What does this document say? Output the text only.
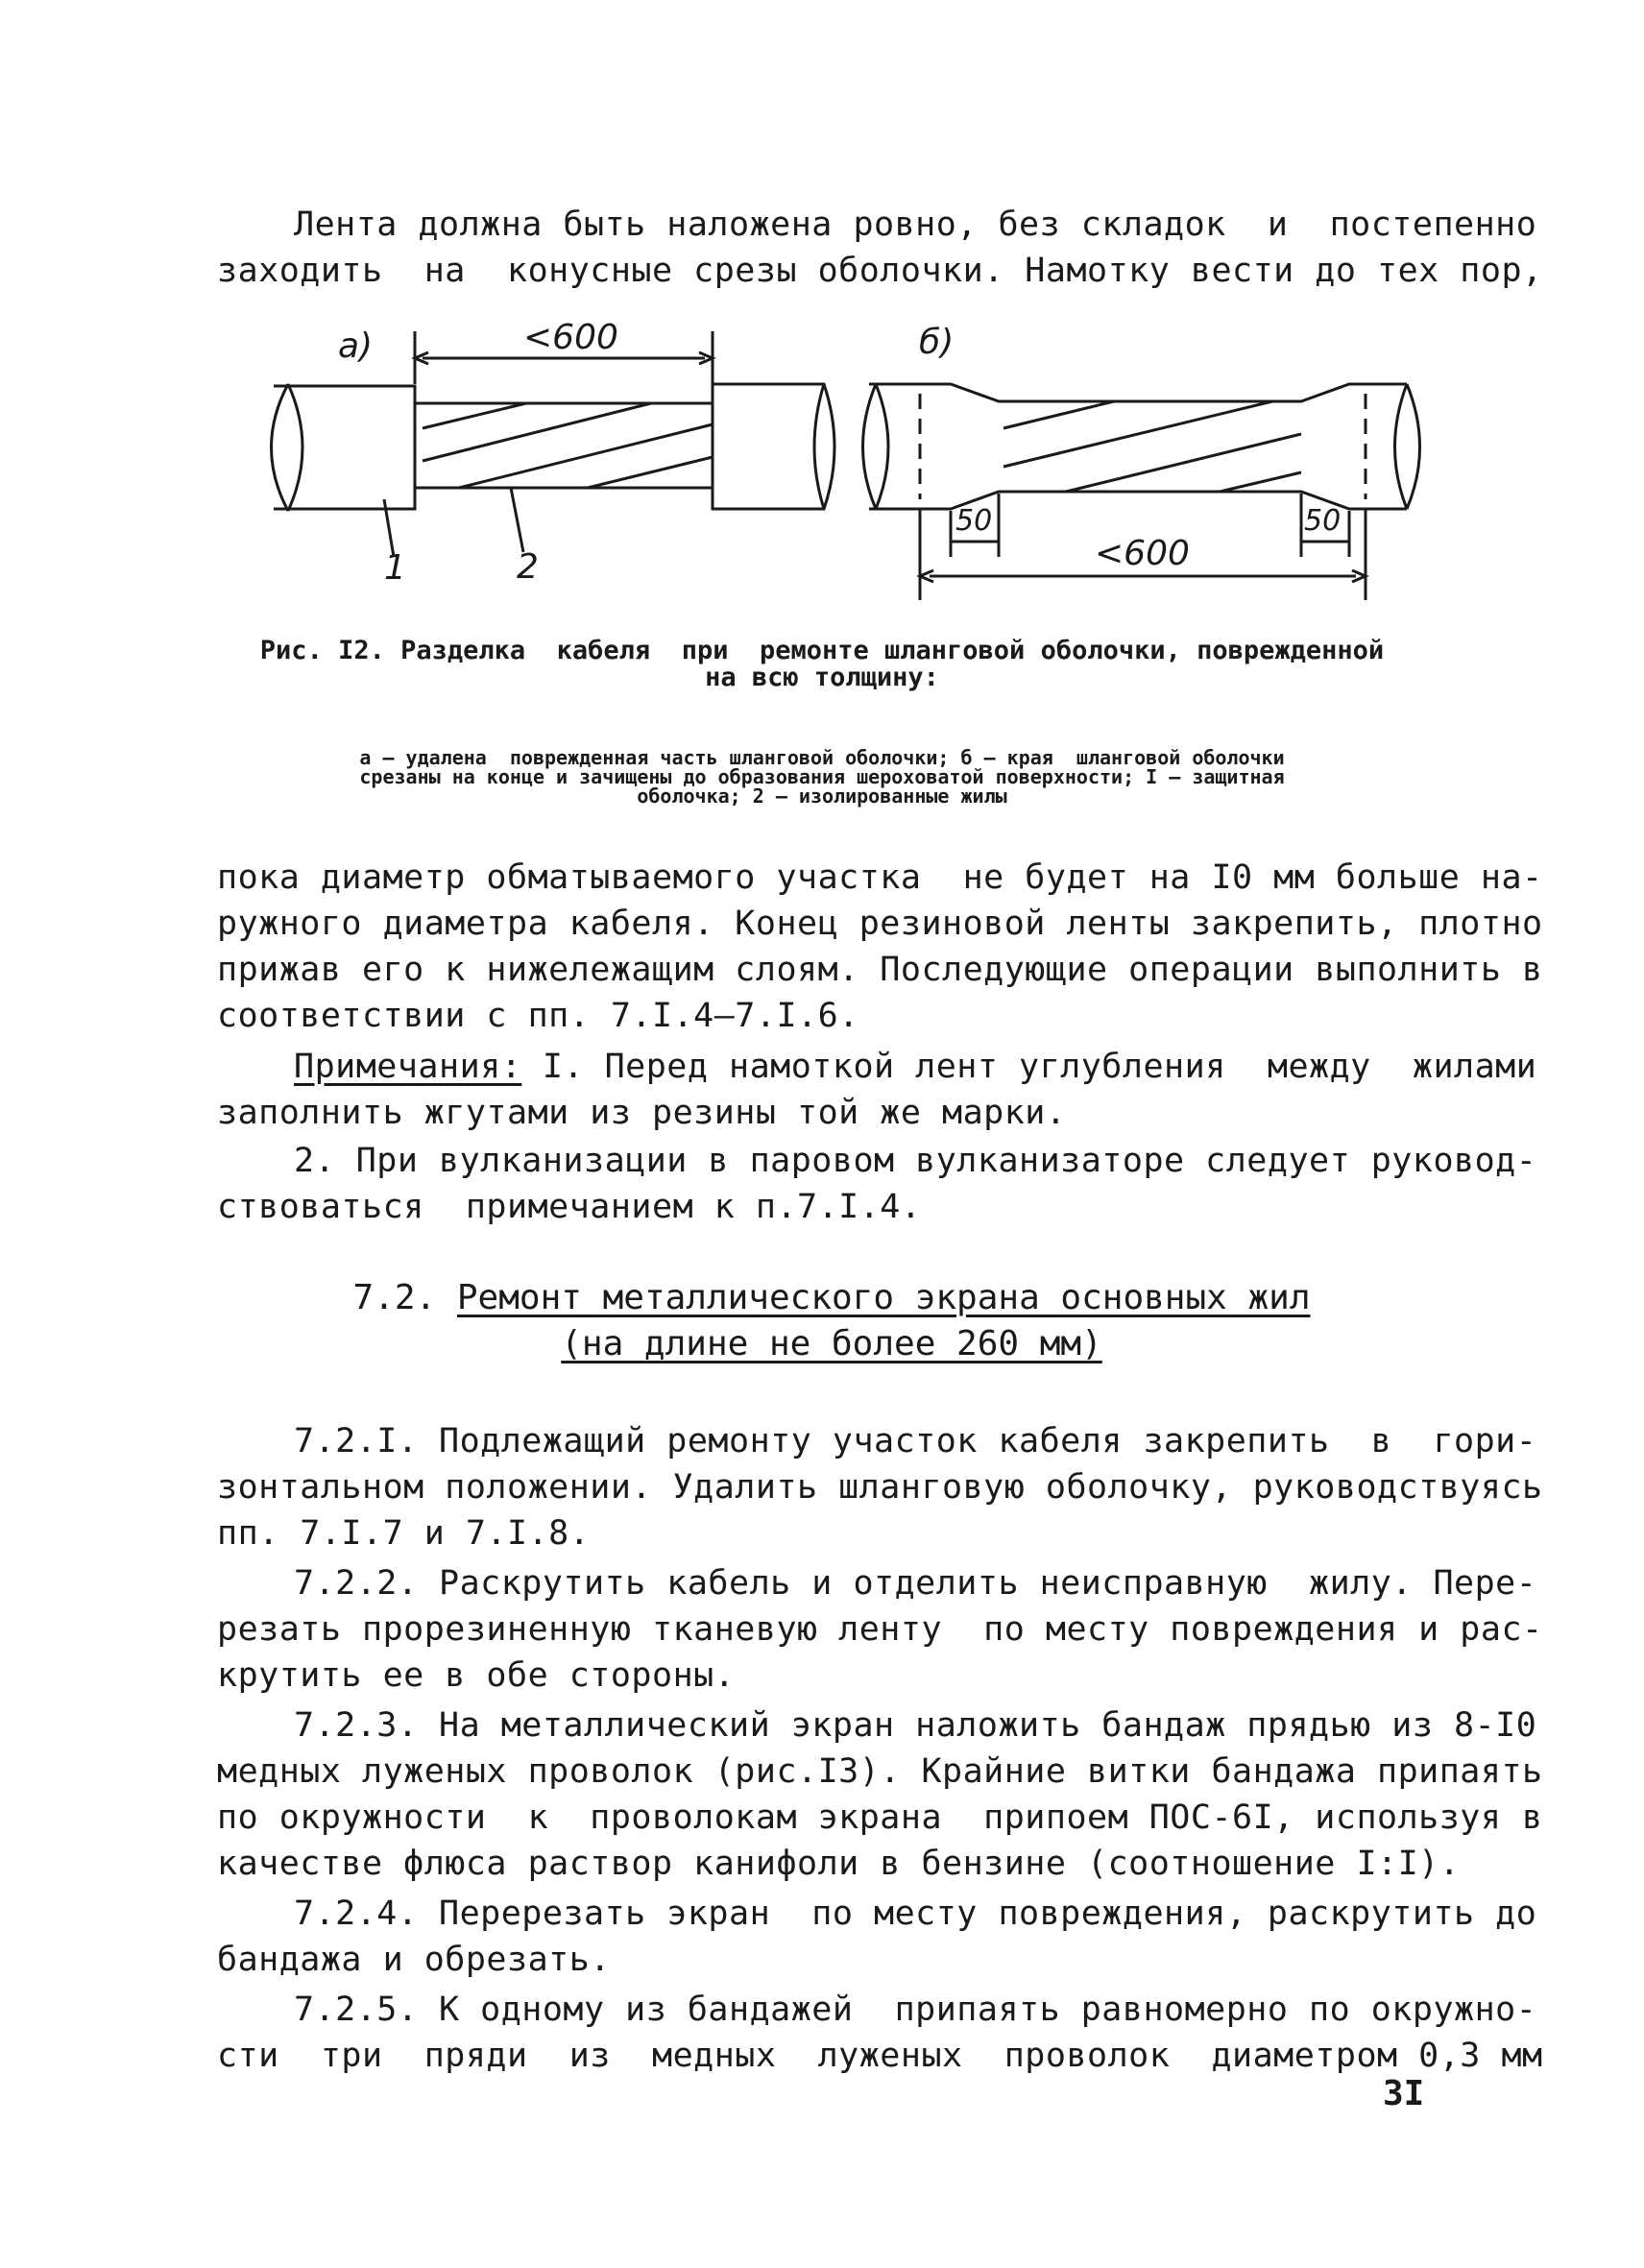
Лента должна быть наложена ровно, без складок  и  постепенно
заходить  на  конусные срезы оболочки. Намотку вести до тех пор,
а)	б)
<600
<600
50	50
1	2
Рис. I2. Разделка  кабеля  при  ремонте шланговой оболочки, поврежденной
на всю толщину:
а – удалена  поврежденная часть шланговой оболочки; б – края  шланговой оболочки
срезаны на конце и зачищены до образования шероховатой поверхности; I – защитная
оболочка; 2 – изолированные жилы
пока диаметр обматываемого участка  не будет на I0 мм больше на-
ружного диаметра кабеля. Конец резиновой ленты закрепить, плотно
прижав его к нижележащим слоям. Последующие операции выполнить в
соответствии с пп. 7.I.4–7.I.6.
Примечания: I. Перед намоткой лент углубления  между  жилами
заполнить жгутами из резины той же марки.
2. При вулканизации в паровом вулканизаторе следует руковод-
ствоваться  примечанием к п.7.I.4.
7.2. Ремонт металлического экрана основных жил
(на длине не более 260 мм)
7.2.I. Подлежащий ремонту участок кабеля закрепить  в  гори-
зонтальном положении. Удалить шланговую оболочку, руководствуясь
пп. 7.I.7 и 7.I.8.
7.2.2. Раскрутить кабель и отделить неисправную  жилу. Пере-
резать прорезиненную тканевую ленту  по месту повреждения и рас-
крутить ее в обе стороны.
7.2.3. На металлический экран наложить бандаж прядью из 8-I0
медных луженых проволок (рис.I3). Крайние витки бандажа припаять
по окружности  к  проволокам экрана  припоем ПОС-6I, используя в
качестве флюса раствор канифоли в бензине (соотношение I:I).
7.2.4. Перерезать экран  по месту повреждения, раскрутить до
бандажа и обрезать.
7.2.5. К одному из бандажей  припаять равномерно по окружно-
сти  три  пряди  из  медных  луженых  проволок  диаметром 0,3 мм
3I
